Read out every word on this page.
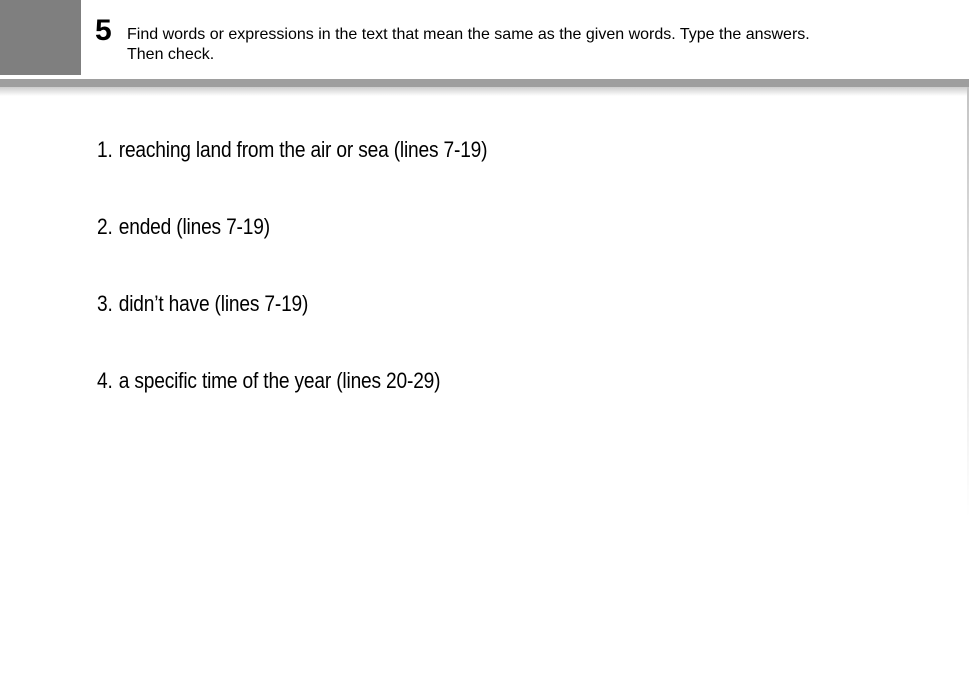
5 Find words or expressions in the text that mean the same as the given words. Type the answers.
Then check.
1. reaching land from the air or sea (lines 7-19)
2. ended (lines 7-19)
3. didn’t have (lines 7-19)
4. a specific time of the year (lines 20-29)
